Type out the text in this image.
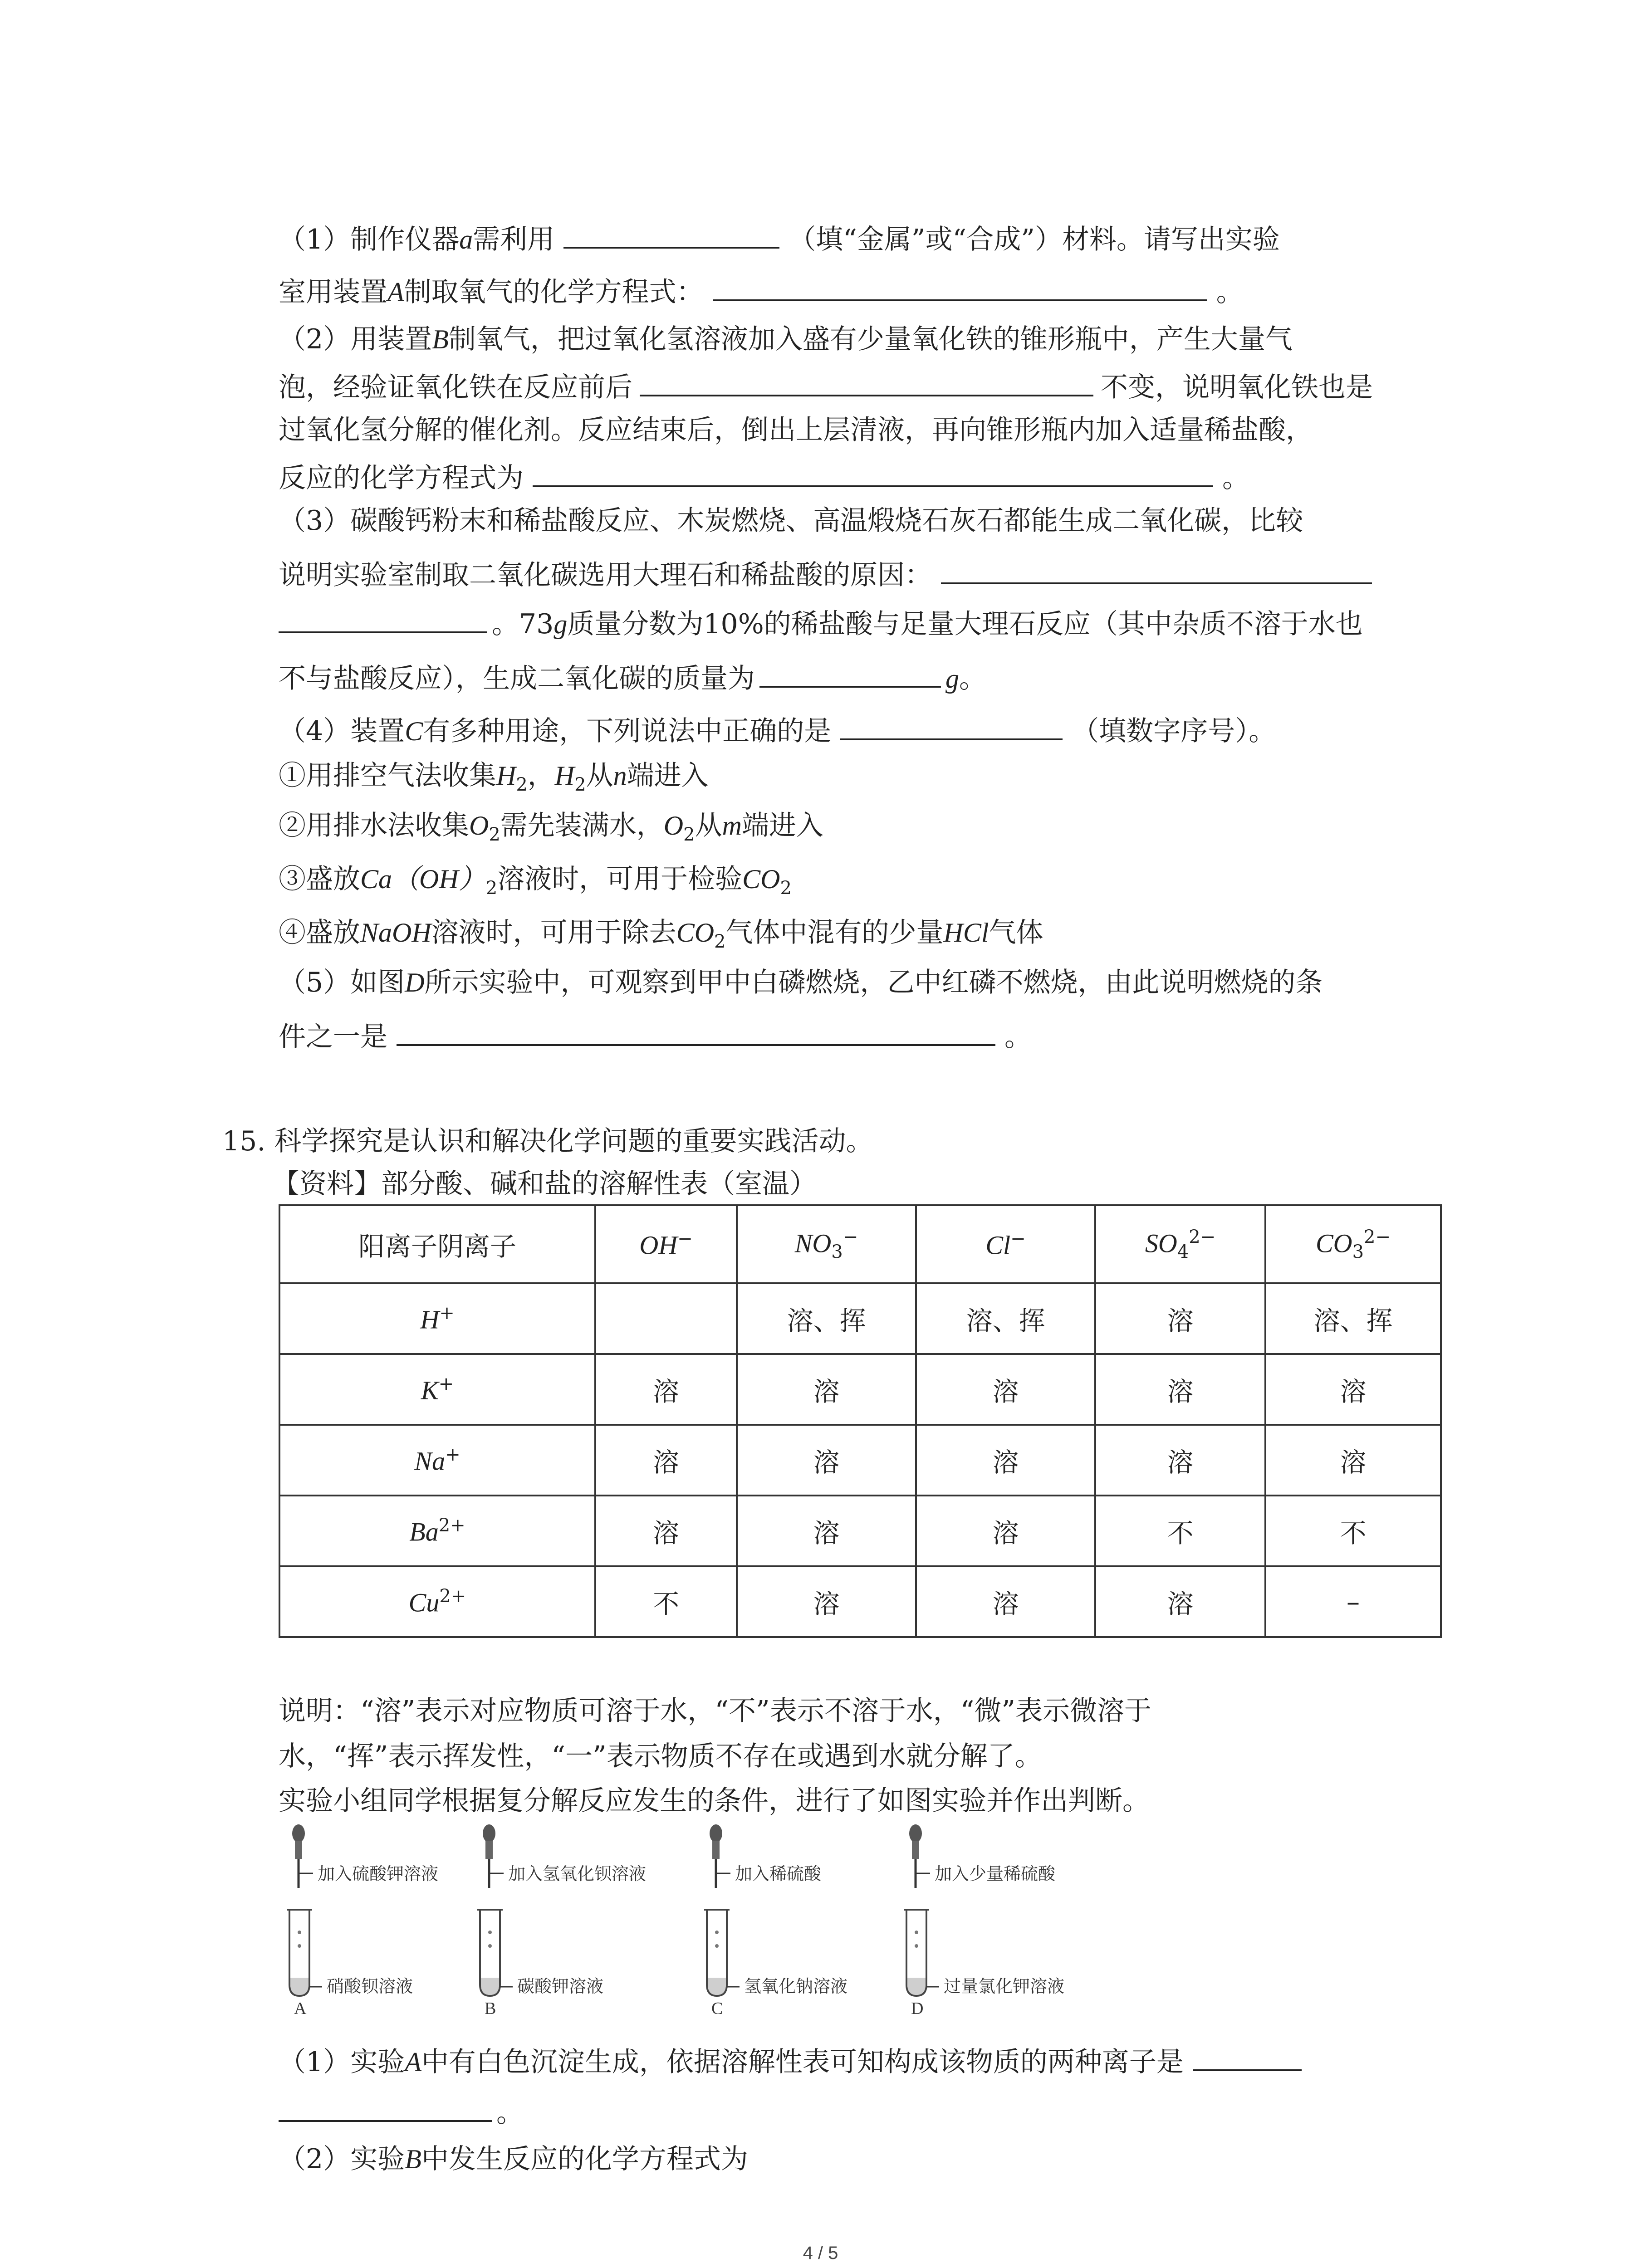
（1）制作仪器a需利用	（填“金属”或“合成”）材料。请写出实验
室用装置A制取氧气的化学方程式：	。
（2）用装置B制氧气，把过氧化氢溶液加入盛有少量氧化铁的锥形瓶中，产生大量气
泡，经验证氧化铁在反应前后	不变，说明氧化铁也是
过氧化氢分解的催化剂。反应结束后，倒出上层清液，再向锥形瓶内加入适量稀盐酸，
反应的化学方程式为	。
（3）碳酸钙粉末和稀盐酸反应、木炭燃烧、高温煅烧石灰石都能生成二氧化碳，比较
说明实验室制取二氧化碳选用大理石和稀盐酸的原因：
。73g质量分数为10%的稀盐酸与足量大理石反应（其中杂质不溶于水也
不与盐酸反应），生成二氧化碳的质量为	g。
（4）装置C有多种用途，下列说法中正确的是	（填数字序号）。
①用排空气法收集$H_2$，$H_2$从n端进入
②用排水法收集$O_2$需先装满水，$O_2$从m端进入
③盛放$Ca(OH)_2$溶液时，可用于检验$CO_2$
④盛放NaOH溶液时，可用于除去$CO_2$气体中混有的少量HCl气体
（5）如图D所示实验中，可观察到甲中白磷燃烧，乙中红磷不燃烧，由此说明燃烧的条
件之一是	。
15. 科学探究是认识和解决化学问题的重要实践活动。
【资料】部分酸、碱和盐的溶解性表（室温）
阳离子阴离子	OH−	$NO_3^-$	Cl−	$SO_4^{2-}$	$CO_3^{2-}$
H+		溶、挥	溶、挥	溶	溶、挥
K+	溶	溶	溶	溶	溶
Na+	溶	溶	溶	溶	溶
$Ba^{2+}$	溶	溶	溶	不	不
$Cu^{2+}$	不	溶	溶	溶	–
说明：“溶”表示对应物质可溶于水，“不”表示不溶于水，“微”表示微溶于
水，“挥”表示挥发性，“一”表示物质不存在或遇到水就分解了。
实验小组同学根据复分解反应发生的条件，进行了如图实验并作出判断。
加入硫酸钾溶液
硝酸钡溶液
A
加入氢氧化钡溶液
碳酸钾溶液
B
加入稀硫酸
氢氧化钠溶液
C
加入少量稀硫酸
过量氯化钾溶液
D
（1）实验A中有白色沉淀生成，依据溶解性表可知构成该物质的两种离子是
。
（2）实验B中发生反应的化学方程式为
4 / 5
